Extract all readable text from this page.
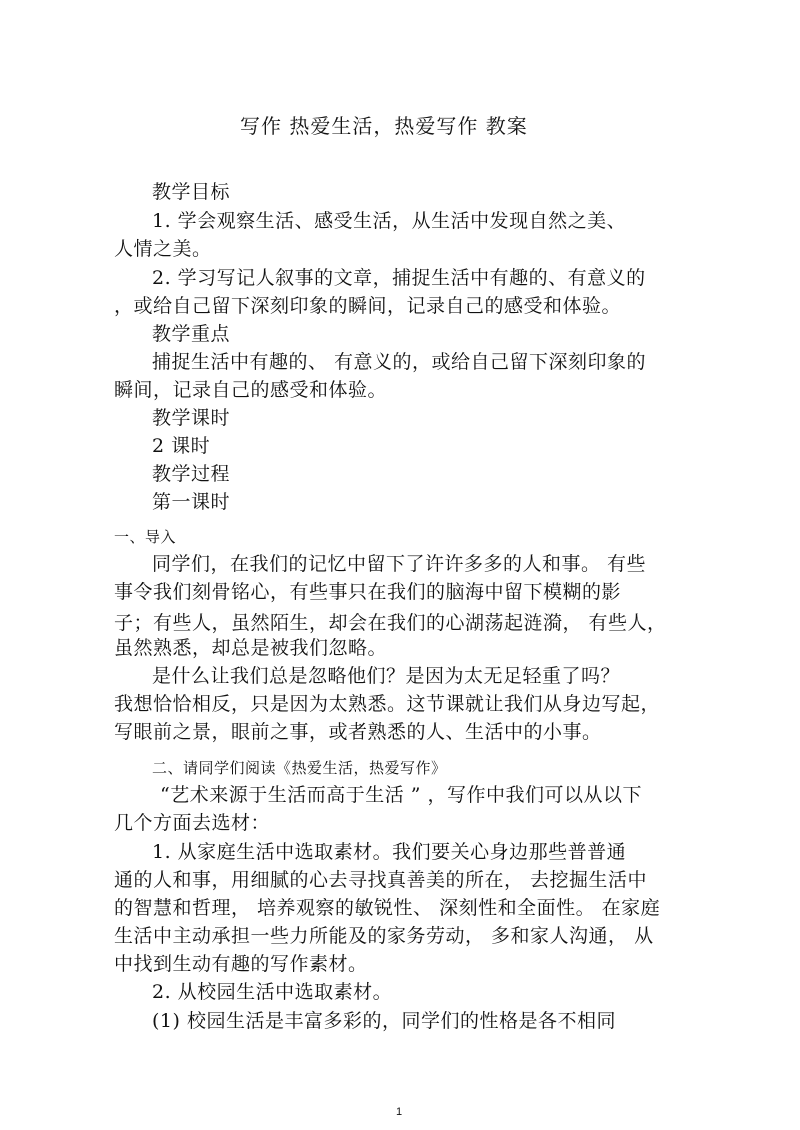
写作 热爱生活，热爱写作 教案
教学目标
1. 学会观察生活、感受生活，从生活中发现自然之美、
人情之美。
2. 学习写记人叙事的文章，捕捉生活中有趣的、有意义的
，或给自己留下深刻印象的瞬间，记录自己的感受和体验。
教学重点
捕捉生活中有趣的、 有意义的，或给自己留下深刻印象的
瞬间，记录自己的感受和体验。
教学课时
2 课时
教学过程
第一课时
一、导入
同学们，在我们的记忆中留下了许许多多的人和事。 有些
事令我们刻骨铭心，有些事只在我们的脑海中留下模糊的影
子；有些人，虽然陌生，却会在我们的心湖荡起涟漪， 有些人，
虽然熟悉，却总是被我们忽略。
是什么让我们总是忽略他们？是因为太无足轻重了吗？
我想恰恰相反，只是因为太熟悉。这节课就让我们从身边写起，
写眼前之景，眼前之事，或者熟悉的人、生活中的小事。
二、请同学们阅读《热爱生活，热爱写作》
“艺术来源于生活而高于生活 ” ，写作中我们可以从以下
几个方面去选材：
1. 从家庭生活中选取素材。我们要关心身边那些普普通
通的人和事，用细腻的心去寻找真善美的所在， 去挖掘生活中
的智慧和哲理， 培养观察的敏锐性、 深刻性和全面性。 在家庭
生活中主动承担一些力所能及的家务劳动， 多和家人沟通， 从
中找到生动有趣的写作素材。
2. 从校园生活中选取素材。
(1) 校园生活是丰富多彩的，同学们的性格是各不相同
1
